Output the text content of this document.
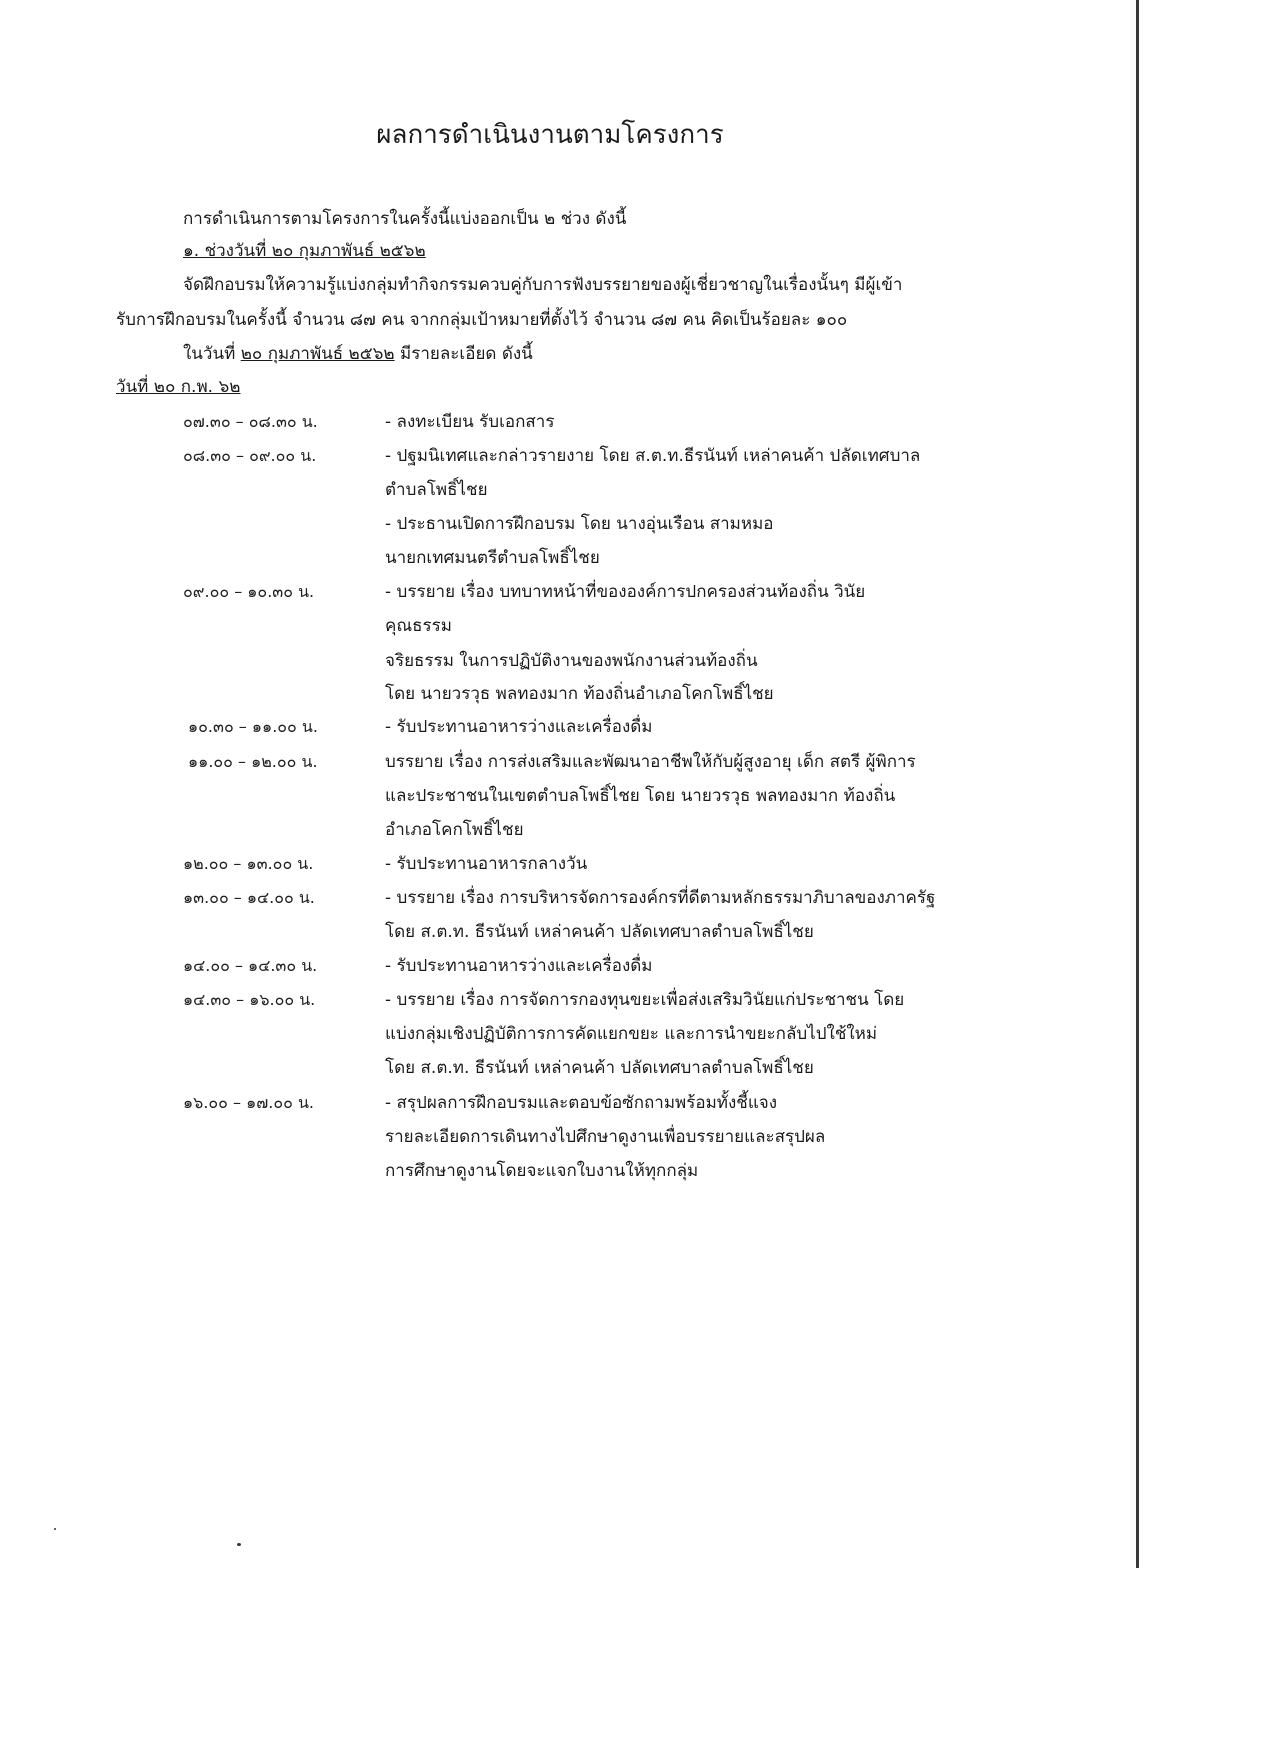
ผลการดำเนินงานตามโครงการ
การดำเนินการตามโครงการในครั้งนี้แบ่งออกเป็น ๒ ช่วง ดังนี้
๑. ช่วงวันที่ ๒๐ กุมภาพันธ์ ๒๕๖๒
จัดฝึกอบรมให้ความรู้แบ่งกลุ่มทำกิจกรรมควบคู่กับการฟังบรรยายของผู้เชี่ยวชาญในเรื่องนั้นๆ มีผู้เข้า
รับการฝึกอบรมในครั้งนี้ จำนวน ๘๗ คน จากกลุ่มเป้าหมายที่ตั้งไว้ จำนวน ๘๗ คน คิดเป็นร้อยละ ๑๐๐
ในวันที่ ๒๐ กุมภาพันธ์ ๒๕๖๒ มีรายละเอียด ดังนี้
วันที่ ๒๐ ก.พ. ๖๒
๐๗.๓๐ – ๐๘.๓๐ น.	- ลงทะเบียน รับเอกสาร
๐๘.๓๐ – ๐๙.๐๐ น.	- ปฐมนิเทศและกล่าวรายงาย โดย ส.ต.ท.ธีรนันท์ เหล่าคนค้า ปลัดเทศบาล
ตำบลโพธิ์ไชย
- ประธานเปิดการฝึกอบรม โดย นางอุ่นเรือน สามหมอ
นายกเทศมนตรีตำบลโพธิ์ไชย
๐๙.๐๐ – ๑๐.๓๐ น.	- บรรยาย เรื่อง บทบาทหน้าที่ขององค์การปกครองส่วนท้องถิ่น วินัย
คุณธรรม
จริยธรรม ในการปฏิบัติงานของพนักงานส่วนท้องถิ่น
โดย นายวรวุธ พลทองมาก ท้องถิ่นอำเภอโคกโพธิ์ไชย
๑๐.๓๐ – ๑๑.๐๐ น.	- รับประทานอาหารว่างและเครื่องดื่ม
๑๑.๐๐ – ๑๒.๐๐ น.	บรรยาย เรื่อง การส่งเสริมและพัฒนาอาชีพให้กับผู้สูงอายุ เด็ก สตรี ผู้พิการ
และประชาชนในเขตตำบลโพธิ์ไชย โดย นายวรวุธ พลทองมาก ท้องถิ่น
อำเภอโคกโพธิ์ไชย
๑๒.๐๐ – ๑๓.๐๐ น.	- รับประทานอาหารกลางวัน
๑๓.๐๐ – ๑๔.๐๐ น.	- บรรยาย เรื่อง การบริหารจัดการองค์กรที่ดีตามหลักธรรมาภิบาลของภาครัฐ
โดย ส.ต.ท. ธีรนันท์ เหล่าคนค้า ปลัดเทศบาลตำบลโพธิ์ไชย
๑๔.๐๐ – ๑๔.๓๐ น.	- รับประทานอาหารว่างและเครื่องดื่ม
๑๔.๓๐ – ๑๖.๐๐ น.	- บรรยาย เรื่อง การจัดการกองทุนขยะเพื่อส่งเสริมวินัยแก่ประชาชน โดย
แบ่งกลุ่มเชิงปฏิบัติการการคัดแยกขยะ และการนำขยะกลับไปใช้ใหม่
โดย ส.ต.ท. ธีรนันท์ เหล่าคนค้า ปลัดเทศบาลตำบลโพธิ์ไชย
๑๖.๐๐ – ๑๗.๐๐ น.	- สรุปผลการฝึกอบรมและตอบข้อซักถามพร้อมทั้งชี้แจง
รายละเอียดการเดินทางไปศึกษาดูงานเพื่อบรรยายและสรุปผล
การศึกษาดูงานโดยจะแจกใบงานให้ทุกกลุ่ม
